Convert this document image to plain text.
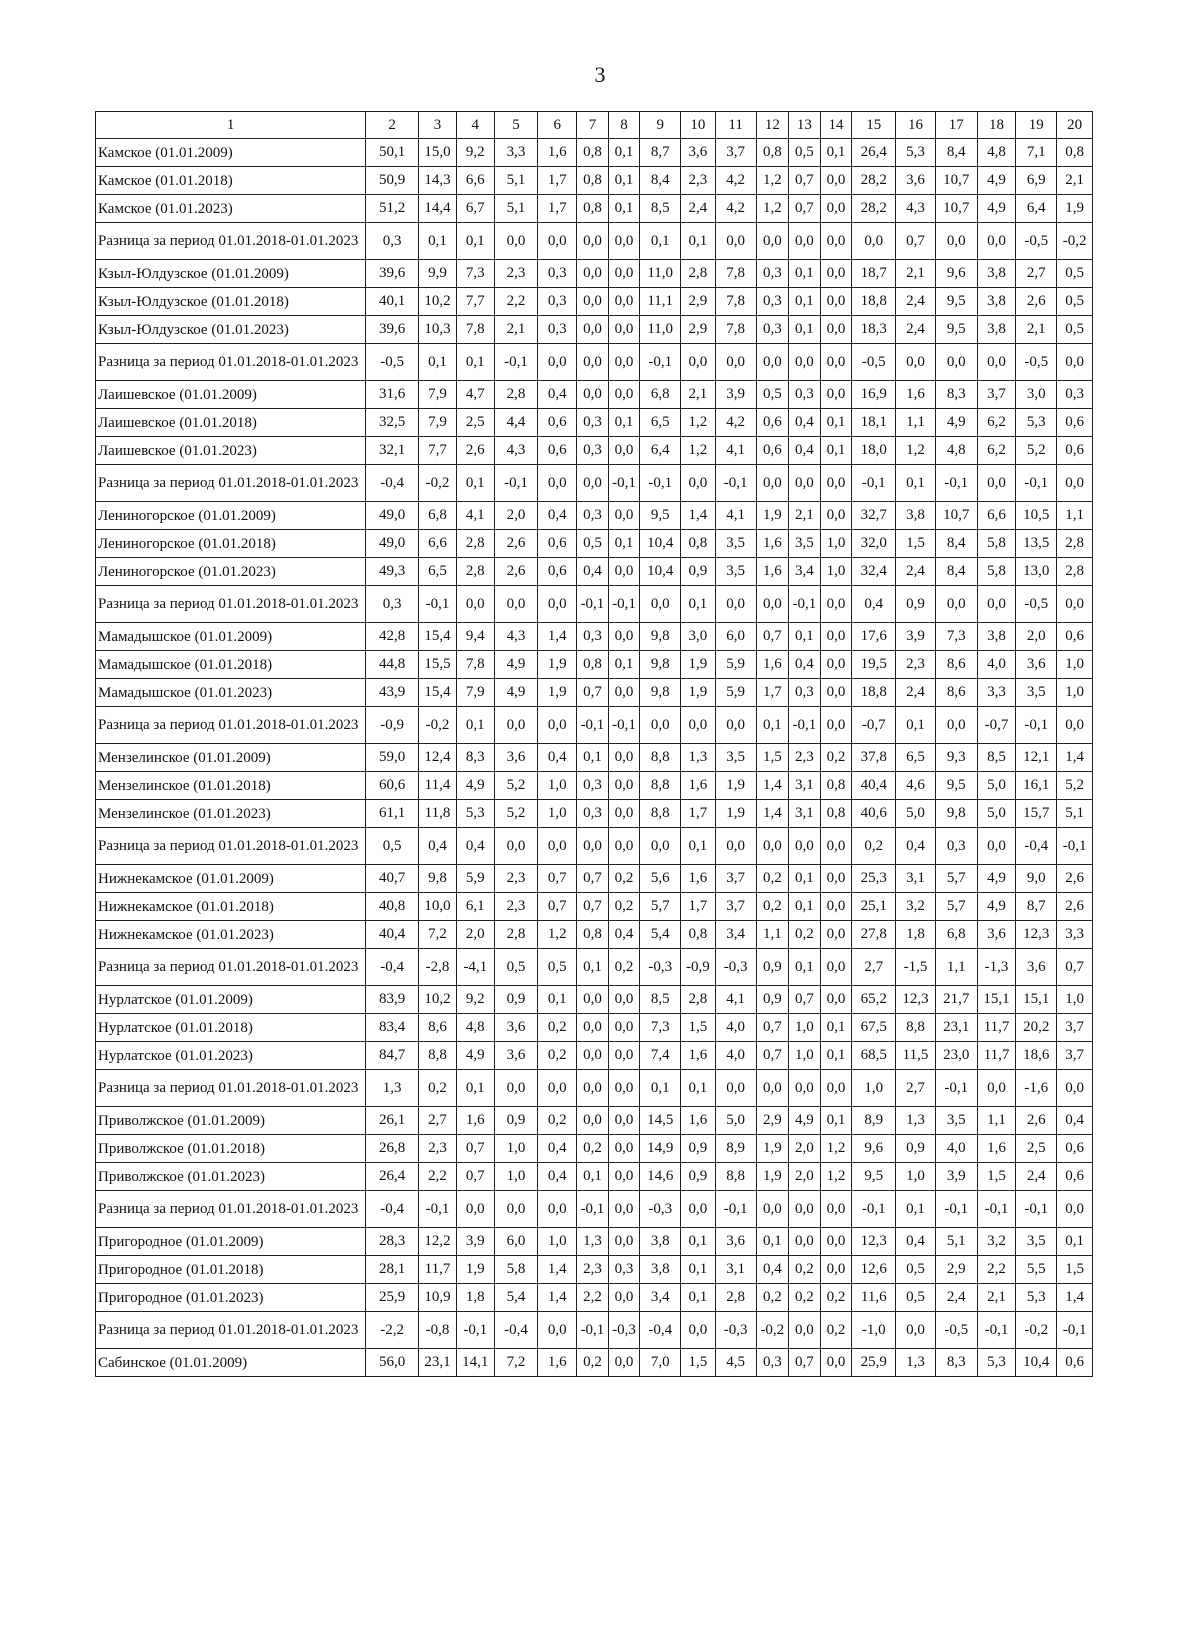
3
1	2	3	4	5	6	7	8	9	10	11	12	13	14	15	16	17	18	19	20
Камское (01.01.2009)	50,1	15,0	9,2	3,3	1,6	0,8	0,1	8,7	3,6	3,7	0,8	0,5	0,1	26,4	5,3	8,4	4,8	7,1	0,8
Камское (01.01.2018)	50,9	14,3	6,6	5,1	1,7	0,8	0,1	8,4	2,3	4,2	1,2	0,7	0,0	28,2	3,6	10,7	4,9	6,9	2,1
Камское (01.01.2023)	51,2	14,4	6,7	5,1	1,7	0,8	0,1	8,5	2,4	4,2	1,2	0,7	0,0	28,2	4,3	10,7	4,9	6,4	1,9
Разница за период 01.01.2018-01.01.2023	0,3	0,1	0,1	0,0	0,0	0,0	0,0	0,1	0,1	0,0	0,0	0,0	0,0	0,0	0,7	0,0	0,0	-0,5	-0,2
Кзыл-Юлдузское (01.01.2009)	39,6	9,9	7,3	2,3	0,3	0,0	0,0	11,0	2,8	7,8	0,3	0,1	0,0	18,7	2,1	9,6	3,8	2,7	0,5
Кзыл-Юлдузское (01.01.2018)	40,1	10,2	7,7	2,2	0,3	0,0	0,0	11,1	2,9	7,8	0,3	0,1	0,0	18,8	2,4	9,5	3,8	2,6	0,5
Кзыл-Юлдузское (01.01.2023)	39,6	10,3	7,8	2,1	0,3	0,0	0,0	11,0	2,9	7,8	0,3	0,1	0,0	18,3	2,4	9,5	3,8	2,1	0,5
Разница за период 01.01.2018-01.01.2023	-0,5	0,1	0,1	-0,1	0,0	0,0	0,0	-0,1	0,0	0,0	0,0	0,0	0,0	-0,5	0,0	0,0	0,0	-0,5	0,0
Лаишевское (01.01.2009)	31,6	7,9	4,7	2,8	0,4	0,0	0,0	6,8	2,1	3,9	0,5	0,3	0,0	16,9	1,6	8,3	3,7	3,0	0,3
Лаишевское (01.01.2018)	32,5	7,9	2,5	4,4	0,6	0,3	0,1	6,5	1,2	4,2	0,6	0,4	0,1	18,1	1,1	4,9	6,2	5,3	0,6
Лаишевское (01.01.2023)	32,1	7,7	2,6	4,3	0,6	0,3	0,0	6,4	1,2	4,1	0,6	0,4	0,1	18,0	1,2	4,8	6,2	5,2	0,6
Разница за период 01.01.2018-01.01.2023	-0,4	-0,2	0,1	-0,1	0,0	0,0	-0,1	-0,1	0,0	-0,1	0,0	0,0	0,0	-0,1	0,1	-0,1	0,0	-0,1	0,0
Лениногорское (01.01.2009)	49,0	6,8	4,1	2,0	0,4	0,3	0,0	9,5	1,4	4,1	1,9	2,1	0,0	32,7	3,8	10,7	6,6	10,5	1,1
Лениногорское (01.01.2018)	49,0	6,6	2,8	2,6	0,6	0,5	0,1	10,4	0,8	3,5	1,6	3,5	1,0	32,0	1,5	8,4	5,8	13,5	2,8
Лениногорское (01.01.2023)	49,3	6,5	2,8	2,6	0,6	0,4	0,0	10,4	0,9	3,5	1,6	3,4	1,0	32,4	2,4	8,4	5,8	13,0	2,8
Разница за период 01.01.2018-01.01.2023	0,3	-0,1	0,0	0,0	0,0	-0,1	-0,1	0,0	0,1	0,0	0,0	-0,1	0,0	0,4	0,9	0,0	0,0	-0,5	0,0
Мамадышское (01.01.2009)	42,8	15,4	9,4	4,3	1,4	0,3	0,0	9,8	3,0	6,0	0,7	0,1	0,0	17,6	3,9	7,3	3,8	2,0	0,6
Мамадышское (01.01.2018)	44,8	15,5	7,8	4,9	1,9	0,8	0,1	9,8	1,9	5,9	1,6	0,4	0,0	19,5	2,3	8,6	4,0	3,6	1,0
Мамадышское (01.01.2023)	43,9	15,4	7,9	4,9	1,9	0,7	0,0	9,8	1,9	5,9	1,7	0,3	0,0	18,8	2,4	8,6	3,3	3,5	1,0
Разница за период 01.01.2018-01.01.2023	-0,9	-0,2	0,1	0,0	0,0	-0,1	-0,1	0,0	0,0	0,0	0,1	-0,1	0,0	-0,7	0,1	0,0	-0,7	-0,1	0,0
Мензелинское (01.01.2009)	59,0	12,4	8,3	3,6	0,4	0,1	0,0	8,8	1,3	3,5	1,5	2,3	0,2	37,8	6,5	9,3	8,5	12,1	1,4
Мензелинское (01.01.2018)	60,6	11,4	4,9	5,2	1,0	0,3	0,0	8,8	1,6	1,9	1,4	3,1	0,8	40,4	4,6	9,5	5,0	16,1	5,2
Мензелинское (01.01.2023)	61,1	11,8	5,3	5,2	1,0	0,3	0,0	8,8	1,7	1,9	1,4	3,1	0,8	40,6	5,0	9,8	5,0	15,7	5,1
Разница за период 01.01.2018-01.01.2023	0,5	0,4	0,4	0,0	0,0	0,0	0,0	0,0	0,1	0,0	0,0	0,0	0,0	0,2	0,4	0,3	0,0	-0,4	-0,1
Нижнекамское (01.01.2009)	40,7	9,8	5,9	2,3	0,7	0,7	0,2	5,6	1,6	3,7	0,2	0,1	0,0	25,3	3,1	5,7	4,9	9,0	2,6
Нижнекамское (01.01.2018)	40,8	10,0	6,1	2,3	0,7	0,7	0,2	5,7	1,7	3,7	0,2	0,1	0,0	25,1	3,2	5,7	4,9	8,7	2,6
Нижнекамское (01.01.2023)	40,4	7,2	2,0	2,8	1,2	0,8	0,4	5,4	0,8	3,4	1,1	0,2	0,0	27,8	1,8	6,8	3,6	12,3	3,3
Разница за период 01.01.2018-01.01.2023	-0,4	-2,8	-4,1	0,5	0,5	0,1	0,2	-0,3	-0,9	-0,3	0,9	0,1	0,0	2,7	-1,5	1,1	-1,3	3,6	0,7
Нурлатское (01.01.2009)	83,9	10,2	9,2	0,9	0,1	0,0	0,0	8,5	2,8	4,1	0,9	0,7	0,0	65,2	12,3	21,7	15,1	15,1	1,0
Нурлатское (01.01.2018)	83,4	8,6	4,8	3,6	0,2	0,0	0,0	7,3	1,5	4,0	0,7	1,0	0,1	67,5	8,8	23,1	11,7	20,2	3,7
Нурлатское (01.01.2023)	84,7	8,8	4,9	3,6	0,2	0,0	0,0	7,4	1,6	4,0	0,7	1,0	0,1	68,5	11,5	23,0	11,7	18,6	3,7
Разница за период 01.01.2018-01.01.2023	1,3	0,2	0,1	0,0	0,0	0,0	0,0	0,1	0,1	0,0	0,0	0,0	0,0	1,0	2,7	-0,1	0,0	-1,6	0,0
Приволжское (01.01.2009)	26,1	2,7	1,6	0,9	0,2	0,0	0,0	14,5	1,6	5,0	2,9	4,9	0,1	8,9	1,3	3,5	1,1	2,6	0,4
Приволжское (01.01.2018)	26,8	2,3	0,7	1,0	0,4	0,2	0,0	14,9	0,9	8,9	1,9	2,0	1,2	9,6	0,9	4,0	1,6	2,5	0,6
Приволжское (01.01.2023)	26,4	2,2	0,7	1,0	0,4	0,1	0,0	14,6	0,9	8,8	1,9	2,0	1,2	9,5	1,0	3,9	1,5	2,4	0,6
Разница за период 01.01.2018-01.01.2023	-0,4	-0,1	0,0	0,0	0,0	-0,1	0,0	-0,3	0,0	-0,1	0,0	0,0	0,0	-0,1	0,1	-0,1	-0,1	-0,1	0,0
Пригородное (01.01.2009)	28,3	12,2	3,9	6,0	1,0	1,3	0,0	3,8	0,1	3,6	0,1	0,0	0,0	12,3	0,4	5,1	3,2	3,5	0,1
Пригородное (01.01.2018)	28,1	11,7	1,9	5,8	1,4	2,3	0,3	3,8	0,1	3,1	0,4	0,2	0,0	12,6	0,5	2,9	2,2	5,5	1,5
Пригородное (01.01.2023)	25,9	10,9	1,8	5,4	1,4	2,2	0,0	3,4	0,1	2,8	0,2	0,2	0,2	11,6	0,5	2,4	2,1	5,3	1,4
Разница за период 01.01.2018-01.01.2023	-2,2	-0,8	-0,1	-0,4	0,0	-0,1	-0,3	-0,4	0,0	-0,3	-0,2	0,0	0,2	-1,0	0,0	-0,5	-0,1	-0,2	-0,1
Сабинское (01.01.2009)	56,0	23,1	14,1	7,2	1,6	0,2	0,0	7,0	1,5	4,5	0,3	0,7	0,0	25,9	1,3	8,3	5,3	10,4	0,6
